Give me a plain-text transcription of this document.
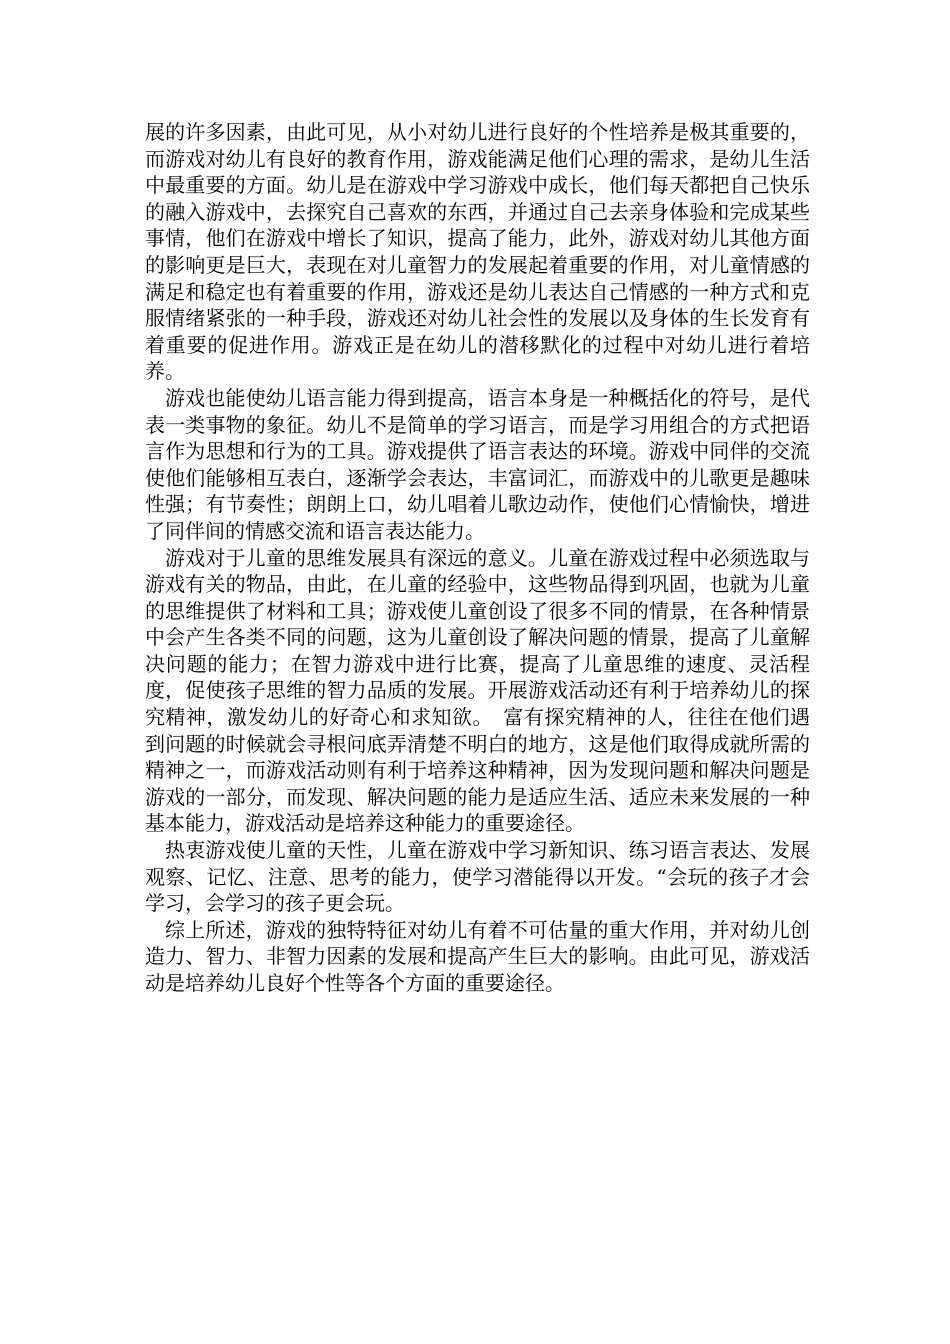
展的许多因素，由此可见，从小对幼儿进行良好的个性培养是极其重要的，而游戏对幼儿有良好的教育作用，游戏能满足他们心理的需求，是幼儿生活中最重要的方面。幼儿是在游戏中学习游戏中成长，他们每天都把自己快乐的融入游戏中，去探究自己喜欢的东西，并通过自己去亲身体验和完成某些事情，他们在游戏中增长了知识，提高了能力，此外，游戏对幼儿其他方面的影响更是巨大，表现在对儿童智力的发展起着重要的作用，对儿童情感的满足和稳定也有着重要的作用，游戏还是幼儿表达自己情感的一种方式和克服情绪紧张的一种手段，游戏还对幼儿社会性的发展以及身体的生长发育有着重要的促进作用。游戏正是在幼儿的潜移默化的过程中对幼儿进行着培养。

游戏也能使幼儿语言能力得到提高，语言本身是一种概括化的符号，是代表一类事物的象征。幼儿不是简单的学习语言，而是学习用组合的方式把语言作为思想和行为的工具。游戏提供了语言表达的环境。游戏中同伴的交流使他们能够相互表白，逐渐学会表达，丰富词汇，而游戏中的儿歌更是趣味性强；有节奏性；朗朗上口，幼儿唱着儿歌边动作，使他们心情愉快，增进了同伴间的情感交流和语言表达能力。

游戏对于儿童的思维发展具有深远的意义。儿童在游戏过程中必须选取与游戏有关的物品，由此，在儿童的经验中，这些物品得到巩固，也就为儿童的思维提供了材料和工具；游戏使儿童创设了很多不同的情景，在各种情景中会产生各类不同的问题，这为儿童创设了解决问题的情景，提高了儿童解决问题的能力；在智力游戏中进行比赛，提高了儿童思维的速度、灵活程度，促使孩子思维的智力品质的发展。开展游戏活动还有利于培养幼儿的探究精神，激发幼儿的好奇心和求知欲。　富有探究精神的人，往往在他们遇到问题的时候就会寻根问底弄清楚不明白的地方，这是他们取得成就所需的精神之一，而游戏活动则有利于培养这种精神，因为发现问题和解决问题是游戏的一部分，而发现、解决问题的能力是适应生活、适应未来发展的一种基本能力，游戏活动是培养这种能力的重要途径。

热衷游戏使儿童的天性，儿童在游戏中学习新知识、练习语言表达、发展观察、记忆、注意、思考的能力，使学习潜能得以开发。“会玩的孩子才会学习，会学习的孩子更会玩。

综上所述，游戏的独特特征对幼儿有着不可估量的重大作用，并对幼儿创造力、智力、非智力因素的发展和提高产生巨大的影响。由此可见，游戏活动是培养幼儿良好个性等各个方面的重要途径。
